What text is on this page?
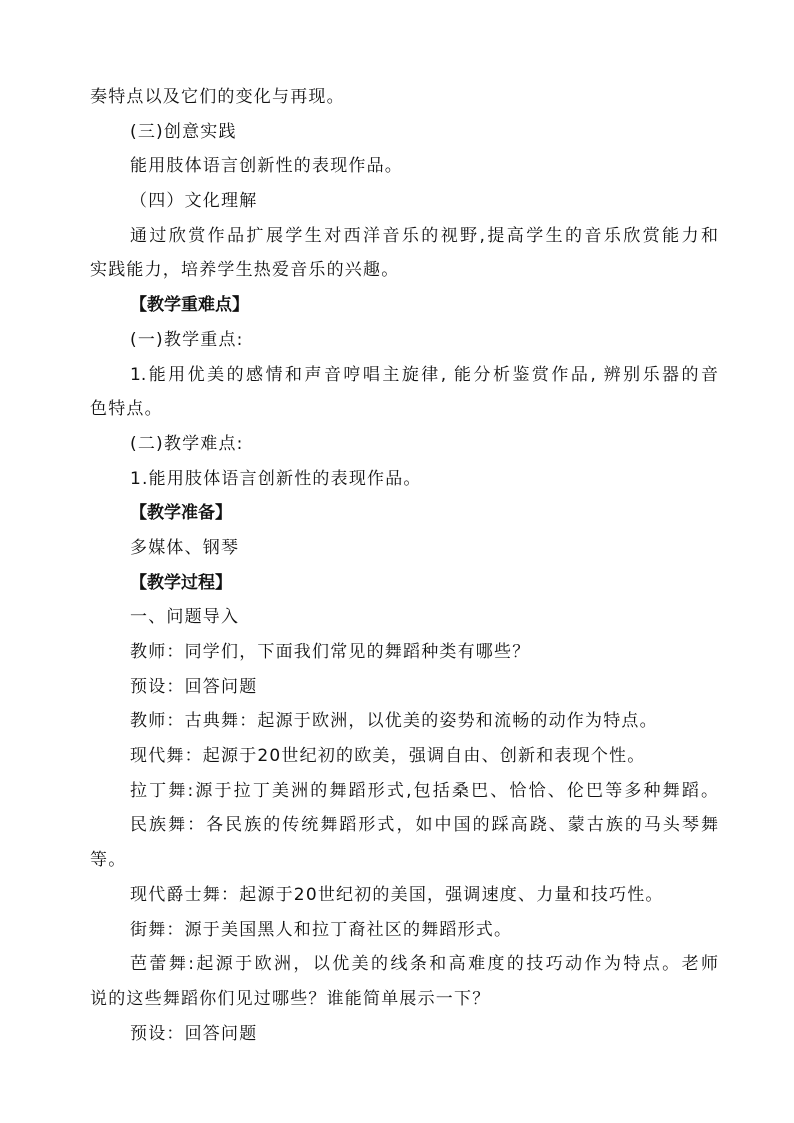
奏特点以及它们的变化与再现。
(三)创意实践
能用肢体语言创新性的表现作品。
（四）文化理解
通过欣赏作品扩展学生对西洋音乐的视野,提高学生的音乐欣赏能力和
实践能力，培养学生热爱音乐的兴趣。
【教学重难点】
(一)教学重点:
1.能用优美的感情和声音哼唱主旋律, 能分析鉴赏作品, 辨别乐器的音
色特点。
(二)教学难点:
1.能用肢体语言创新性的表现作品。
【教学准备】
多媒体、钢琴
【教学过程】
一、问题导入
教师：同学们，下面我们常见的舞蹈种类有哪些？
预设：回答问题
教师：古典舞：起源于欧洲，以优美的姿势和流畅的动作为特点。
现代舞：起源于20世纪初的欧美，强调自由、创新和表现个性。
拉丁舞:源于拉丁美洲的舞蹈形式,包括桑巴、恰恰、伦巴等多种舞蹈。
民族舞：各民族的传统舞蹈形式，如中国的踩高跷、蒙古族的马头琴舞
等。
现代爵士舞：起源于20世纪初的美国，强调速度、力量和技巧性。
街舞：源于美国黑人和拉丁裔社区的舞蹈形式。
芭蕾舞:起源于欧洲，以优美的线条和高难度的技巧动作为特点。老师
说的这些舞蹈你们见过哪些？谁能简单展示一下？
预设：回答问题
